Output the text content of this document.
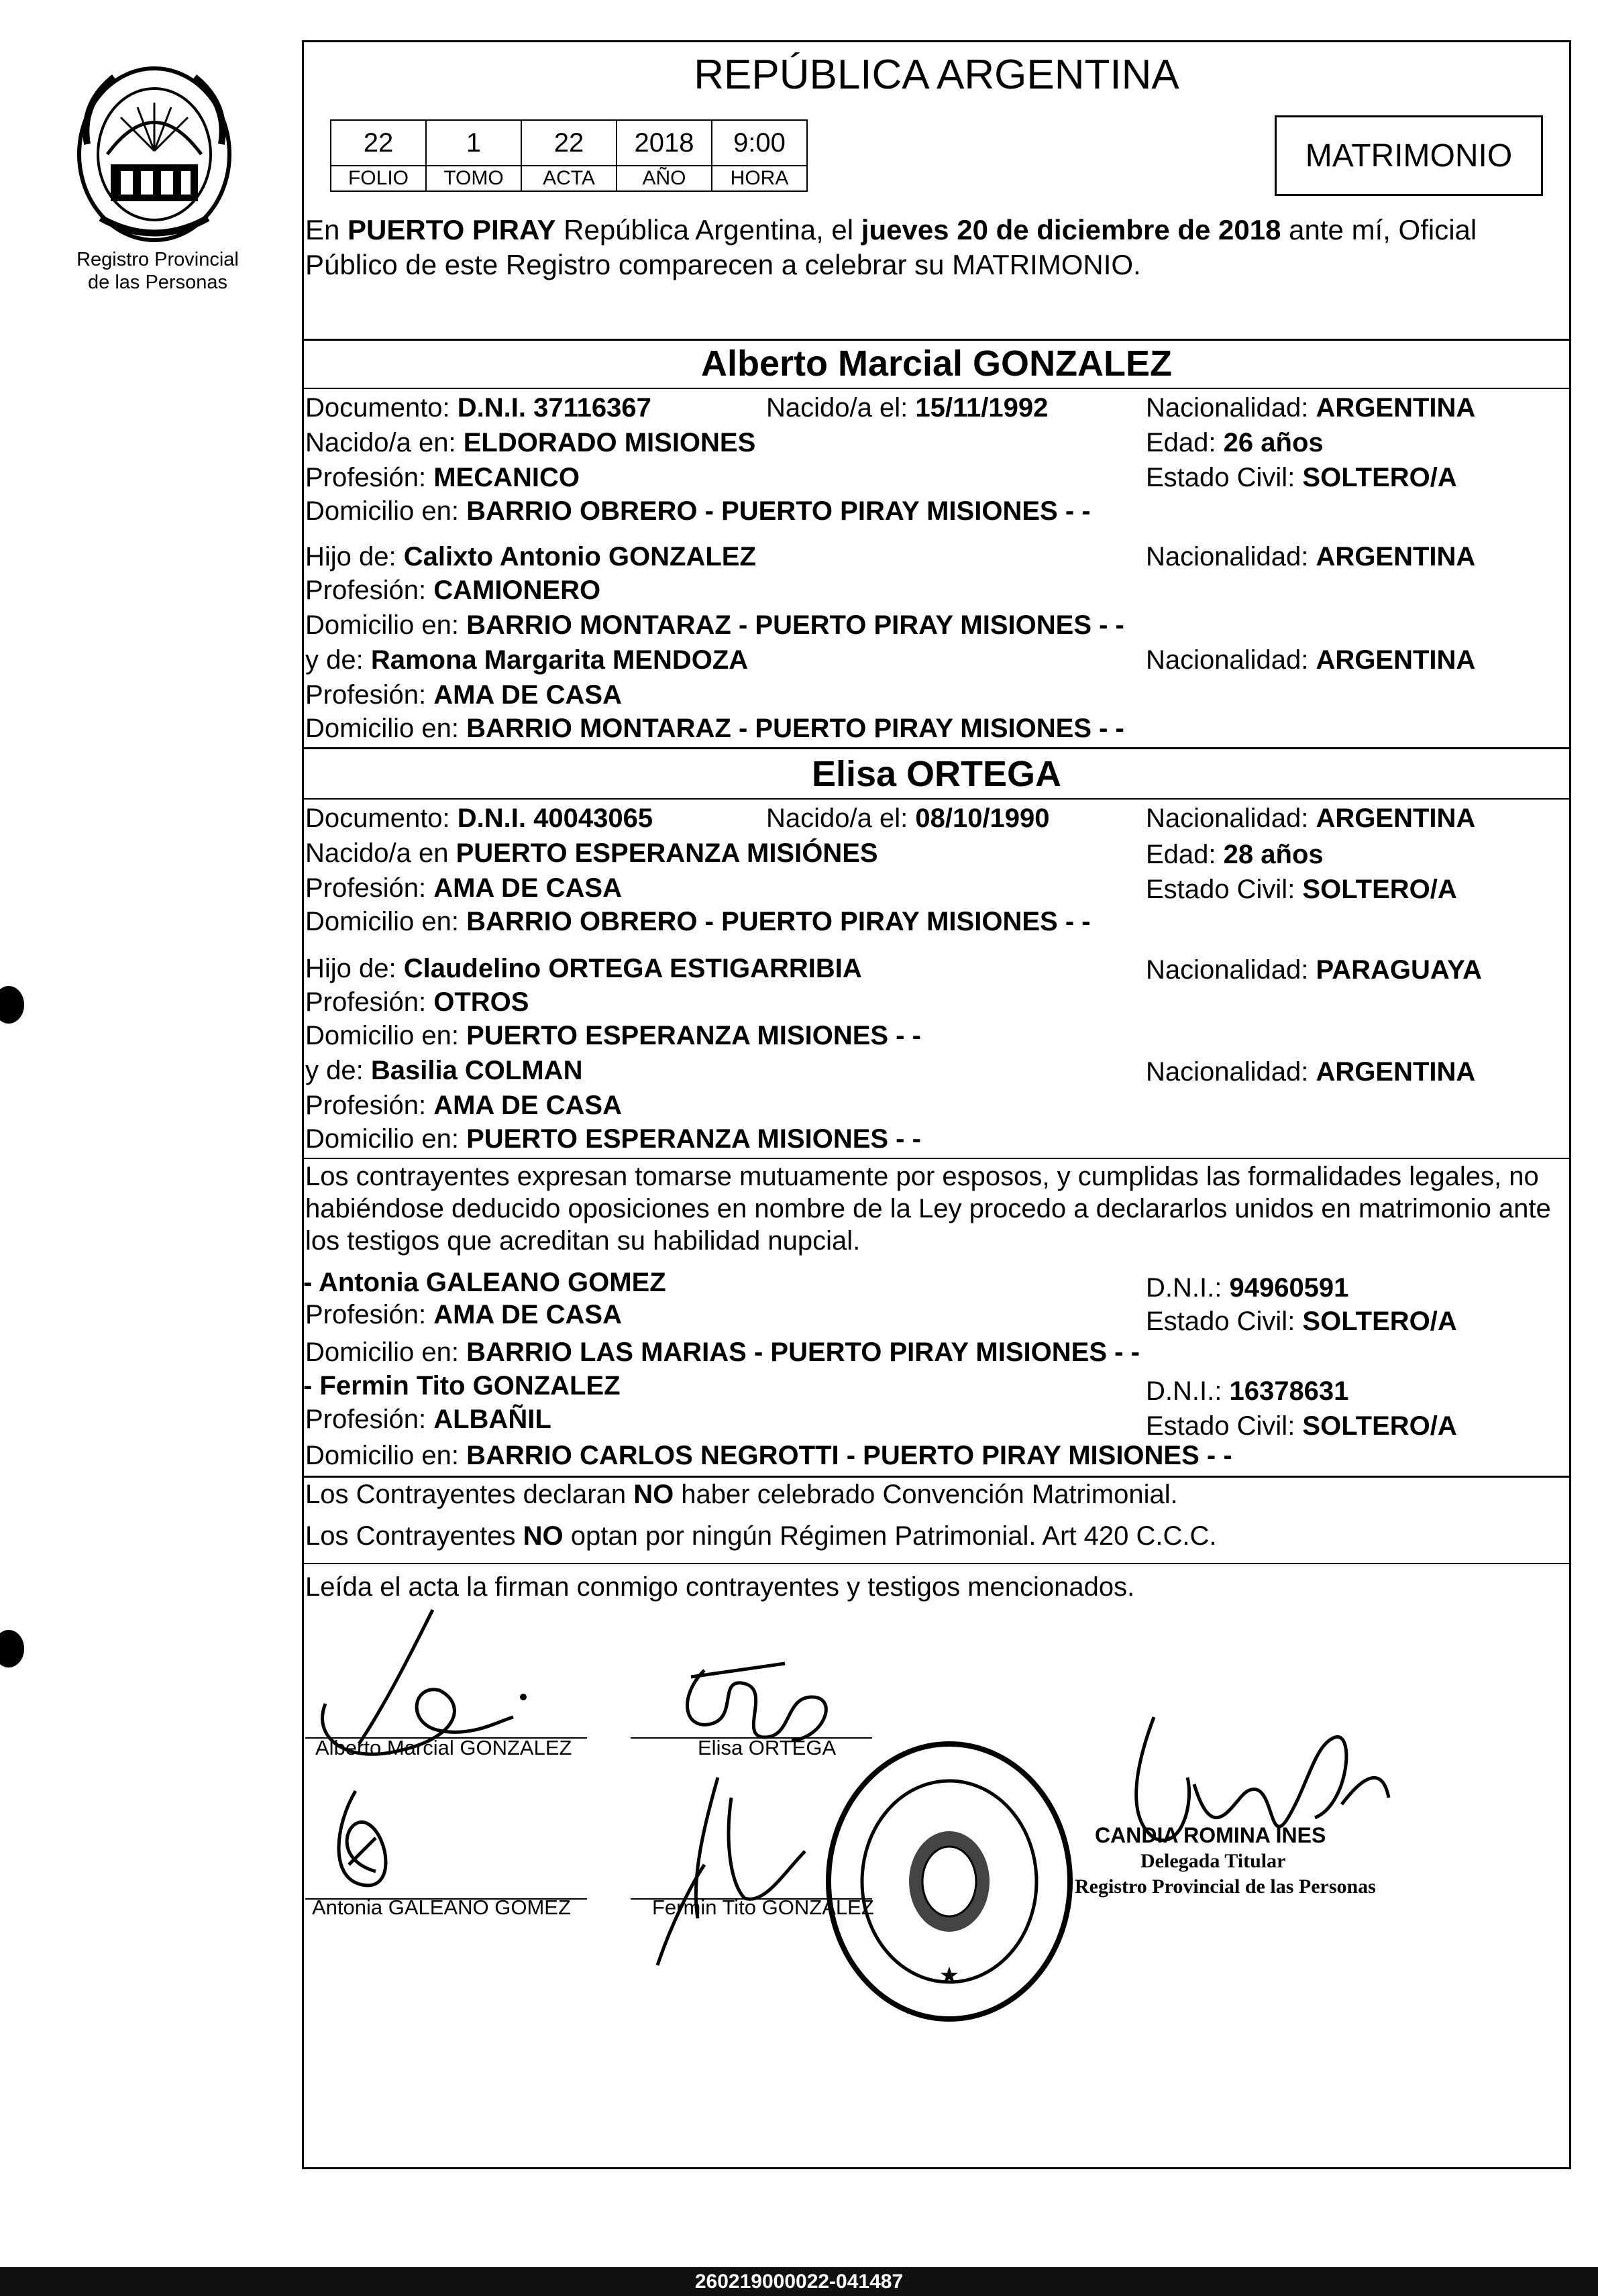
Registro Provincial
de las Personas
REPÚBLICA ARGENTINA
MATRIMONIO
22	1	22	2018	9:00
FOLIO	TOMO	ACTA	AÑO	HORA
En PUERTO PIRAY República Argentina, el jueves 20 de diciembre de 2018 ante mí, Oficial
Público de este Registro comparecen a celebrar su MATRIMONIO.
Alberto Marcial GONZALEZ
Documento: D.N.I. 37116367	Nacido/a el: 15/11/1992	Nacionalidad: ARGENTINA
Nacido/a en: ELDORADO MISIONES	Edad: 26 años
Profesión: MECANICO	Estado Civil: SOLTERO/A
Domicilio en: BARRIO OBRERO - PUERTO PIRAY MISIONES - -
Hijo de: Calixto Antonio GONZALEZ	Nacionalidad: ARGENTINA
Profesión: CAMIONERO
Domicilio en: BARRIO MONTARAZ - PUERTO PIRAY MISIONES - -
y de: Ramona Margarita MENDOZA	Nacionalidad: ARGENTINA
Profesión: AMA DE CASA
Domicilio en: BARRIO MONTARAZ - PUERTO PIRAY MISIONES - -
Elisa ORTEGA
Documento: D.N.I. 40043065	Nacido/a el: 08/10/1990	Nacionalidad: ARGENTINA
Nacido/a en PUERTO ESPERANZA MISIÓNES	Edad: 28 años
Profesión: AMA DE CASA	Estado Civil: SOLTERO/A
Domicilio en: BARRIO OBRERO - PUERTO PIRAY MISIONES - -
Hijo de: Claudelino ORTEGA ESTIGARRIBIA	Nacionalidad: PARAGUAYA
Profesión: OTROS
Domicilio en: PUERTO ESPERANZA MISIONES - -
y de: Basilia COLMAN	Nacionalidad: ARGENTINA
Profesión: AMA DE CASA
Domicilio en: PUERTO ESPERANZA MISIONES - -
Los contrayentes expresan tomarse mutuamente por esposos, y cumplidas las formalidades legales, no
habiéndose deducido oposiciones en nombre de la Ley procedo a declararlos unidos en matrimonio ante
los testigos que acreditan su habilidad nupcial.
- Antonia GALEANO GOMEZ	D.N.I.: 94960591
Profesión: AMA DE CASA	Estado Civil: SOLTERO/A
Domicilio en: BARRIO LAS MARIAS - PUERTO PIRAY MISIONES - -
- Fermin Tito GONZALEZ	D.N.I.: 16378631
Profesión: ALBAÑIL	Estado Civil: SOLTERO/A
Domicilio en: BARRIO CARLOS NEGROTTI - PUERTO PIRAY MISIONES - -
Los Contrayentes declaran NO haber celebrado Convención Matrimonial.
Los Contrayentes NO optan por ningún Régimen Patrimonial. Art 420 C.C.C.
Leída el acta la firman conmigo contrayentes y testigos mencionados.
Alberto Marcial GONZALEZ	Elisa ORTEGA
Antonia GALEANO GOMEZ	Fermin Tito GONZALEZ
★
CANDIA ROMINA INES
Delegada Titular
Registro Provincial de las Personas
260219000022-041487
